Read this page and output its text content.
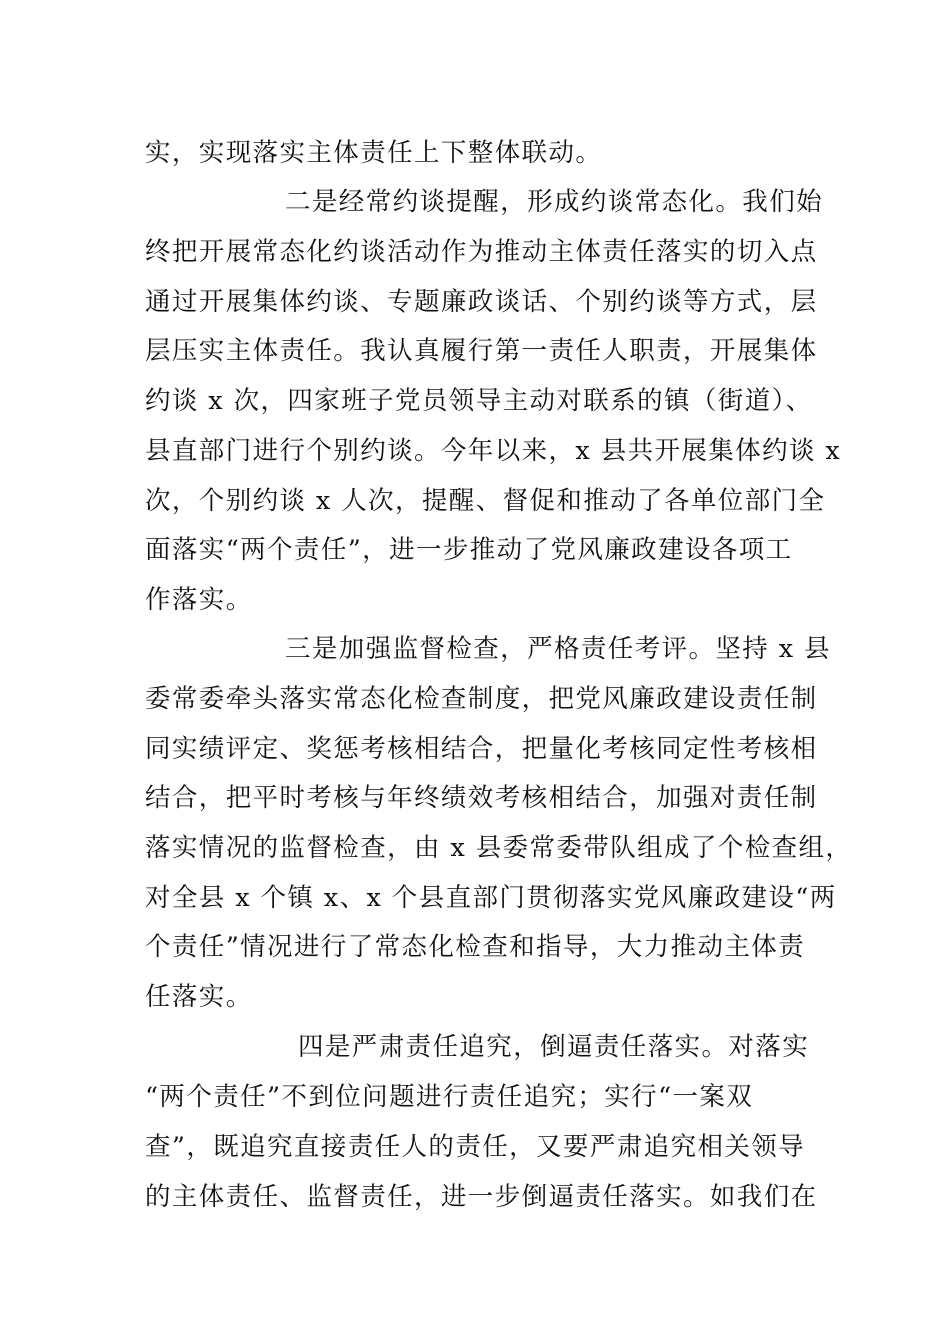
实，实现落实主体责任上下整体联动。
二是经常约谈提醒，形成约谈常态化。我们始
终把开展常态化约谈活动作为推动主体责任落实的切入点
通过开展集体约谈、专题廉政谈话、个别约谈等方式，层
层压实主体责任。我认真履行第一责任人职责，开展集体
约谈 x 次，四家班子党员领导主动对联系的镇（街道）、
县直部门进行个别约谈。今年以来，x 县共开展集体约谈 x
次，个别约谈 x 人次，提醒、督促和推动了各单位部门全
面落实“两个责任”，进一步推动了党风廉政建设各项工
作落实。
三是加强监督检查，严格责任考评。坚持 x 县
委常委牵头落实常态化检查制度，把党风廉政建设责任制
同实绩评定、奖惩考核相结合，把量化考核同定性考核相
结合，把平时考核与年终绩效考核相结合，加强对责任制
落实情况的监督检查，由 x 县委常委带队组成了个检查组，
对全县 x 个镇 x、x 个县直部门贯彻落实党风廉政建设“两
个责任”情况进行了常态化检查和指导，大力推动主体责
任落实。
四是严肃责任追究，倒逼责任落实。对落实
“两个责任”不到位问题进行责任追究；实行“一案双
查”，既追究直接责任人的责任，又要严肃追究相关领导
的主体责任、监督责任，进一步倒逼责任落实。如我们在
